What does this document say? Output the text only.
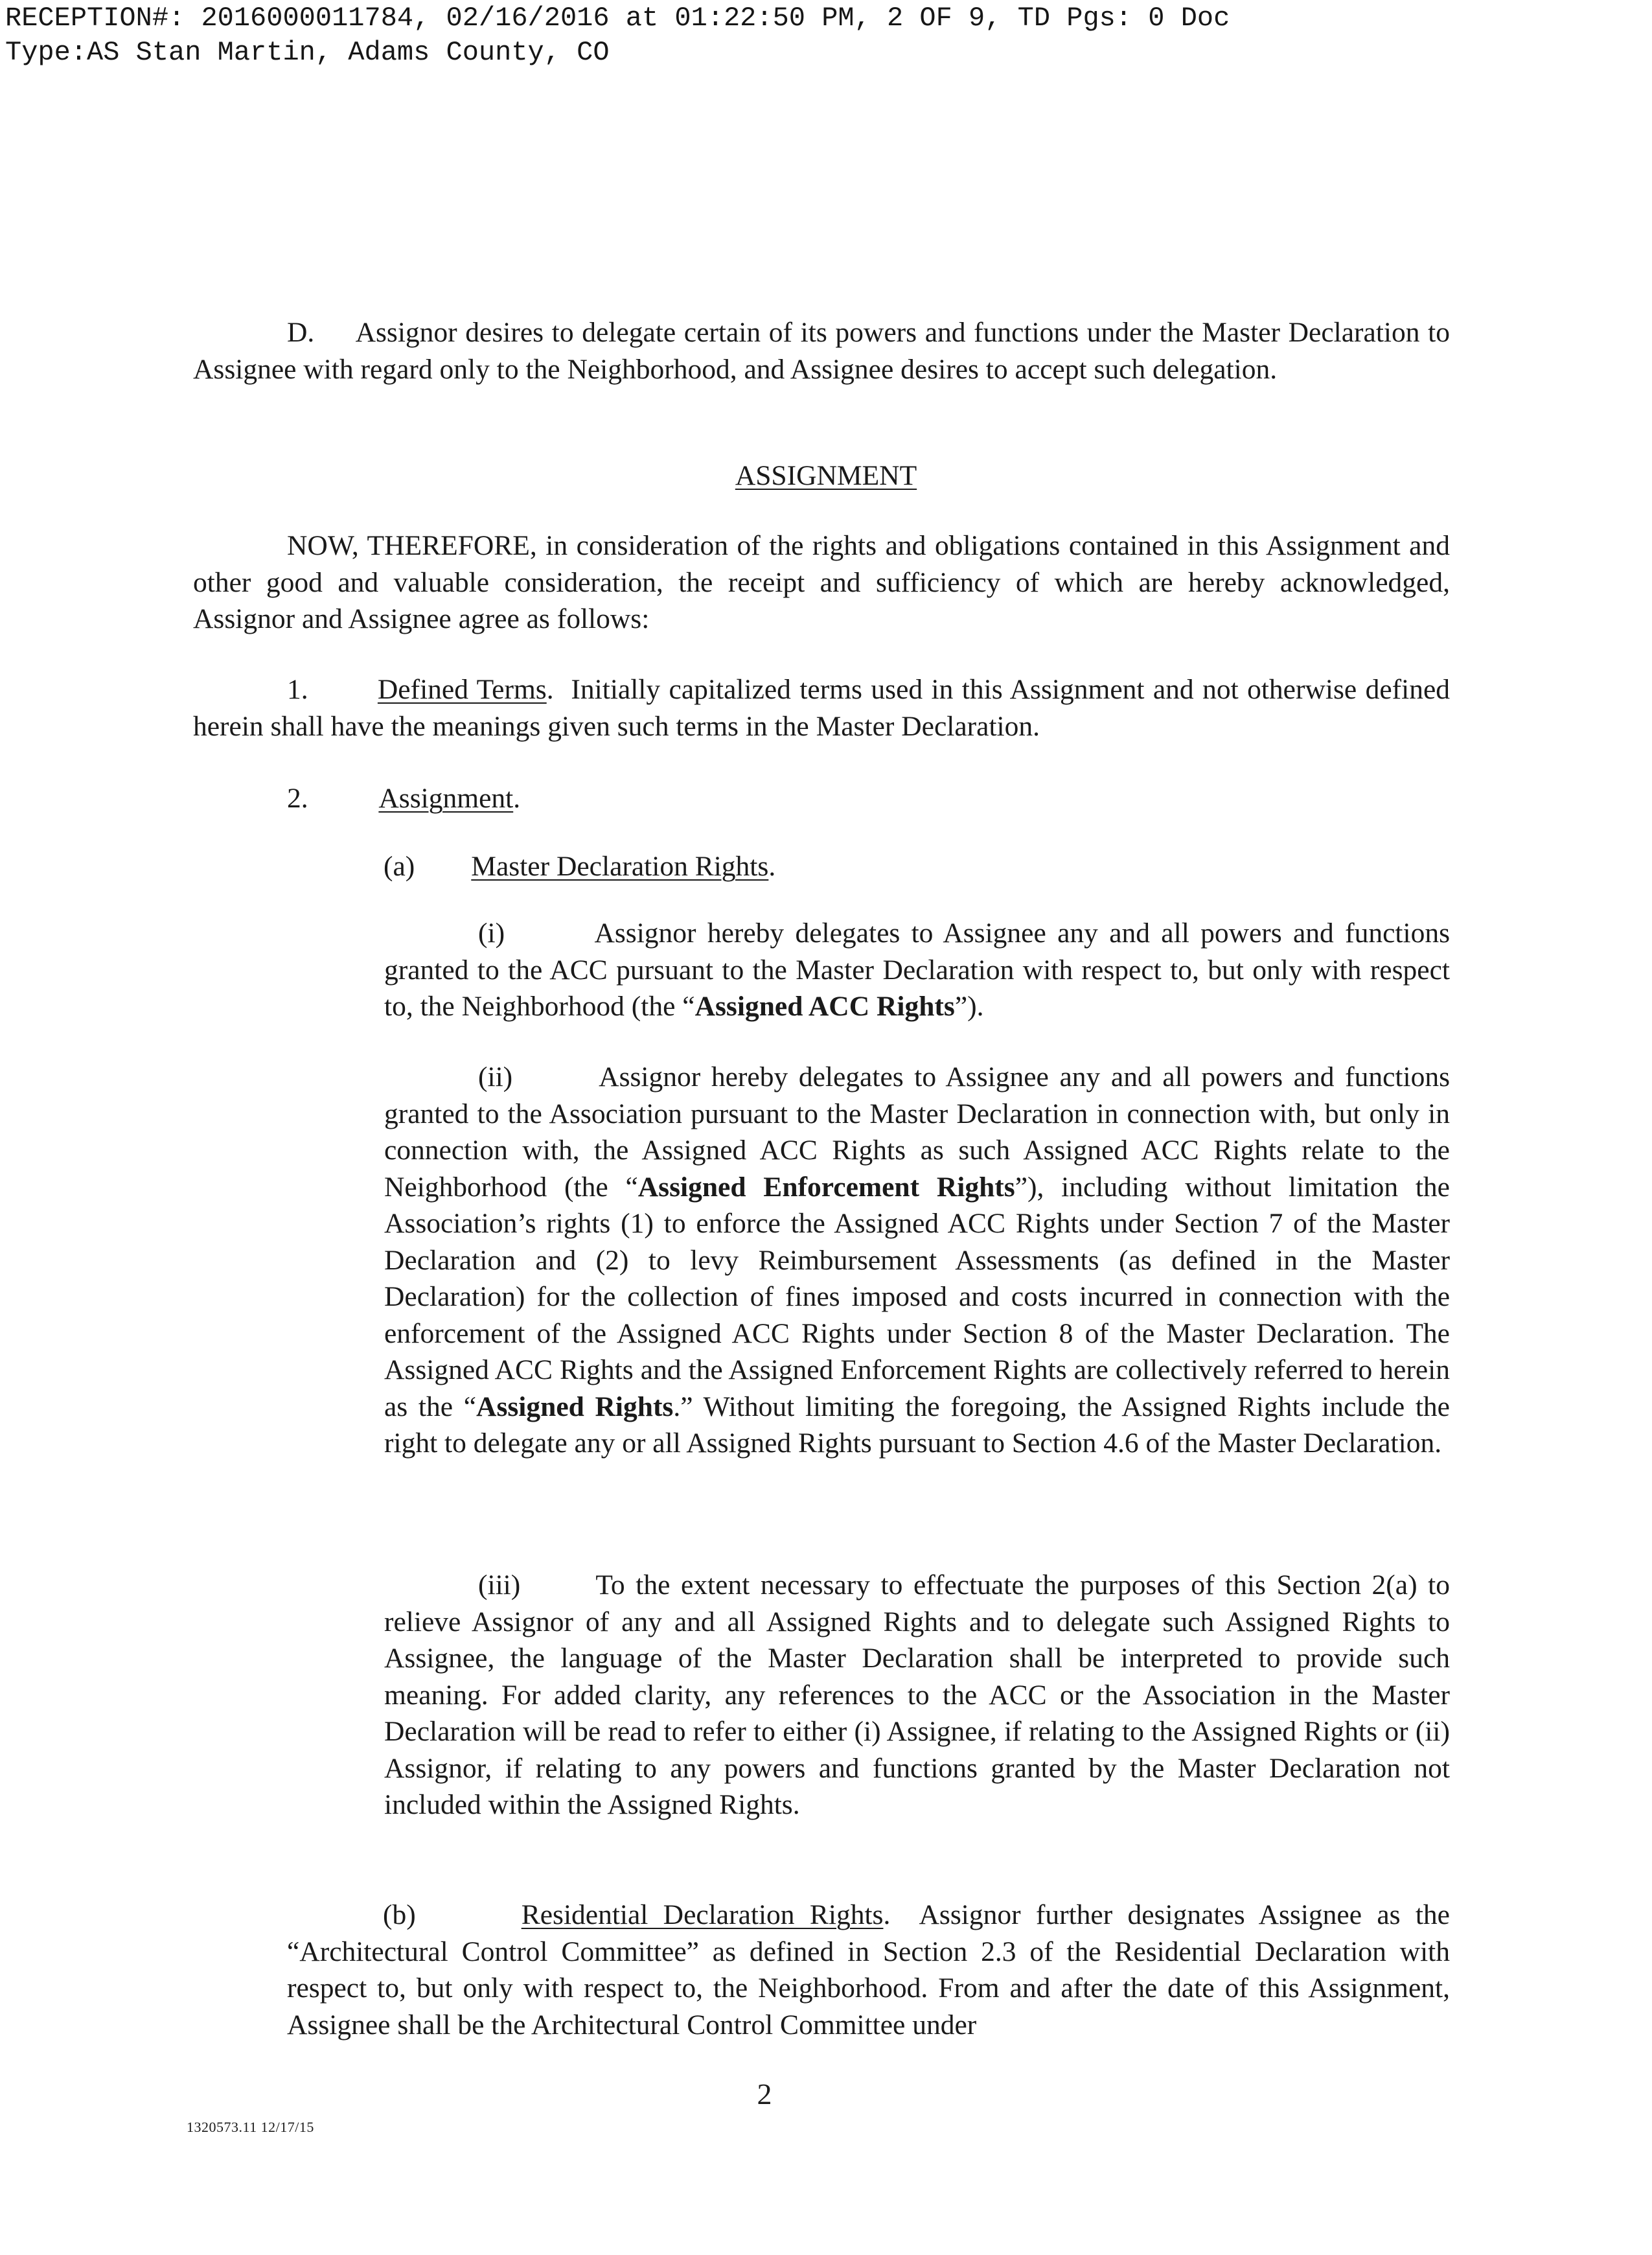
RECEPTION#: 2016000011784, 02/16/2016 at 01:22:50 PM, 2 OF 9, TD Pgs: 0 Doc
Type:AS Stan Martin, Adams County, CO

D. Assignor desires to delegate certain of its powers and functions under the Master Declaration to Assignee with regard only to the Neighborhood, and Assignee desires to accept such delegation.

ASSIGNMENT

NOW, THEREFORE, in consideration of the rights and obligations contained in this Assignment and other good and valuable consideration, the receipt and sufficiency of which are hereby acknowledged, Assignor and Assignee agree as follows:

1. Defined Terms.  Initially capitalized terms used in this Assignment and not otherwise defined herein shall have the meanings given such terms in the Master Declaration.

2.	Assignment.

(a) Master Declaration Rights.

(i)	Assignor hereby delegates to Assignee any and all powers and functions granted to the ACC pursuant to the Master Declaration with respect to, but only with respect to, the Neighborhood (the “Assigned ACC Rights”).

(ii)	Assignor hereby delegates to Assignee any and all powers and functions granted to the Association pursuant to the Master Declaration in connection with, but only in connection with, the Assigned ACC Rights as such Assigned ACC Rights relate to the Neighborhood (the “Assigned Enforcement Rights”), including without limitation the Association’s rights (1) to enforce the Assigned ACC Rights under Section 7 of the Master Declaration and (2) to levy Reimbursement Assessments (as defined in the Master Declaration) for the collection of fines imposed and costs incurred in connection with the enforcement of the Assigned ACC Rights under Section 8 of the Master Declaration. The Assigned ACC Rights and the Assigned Enforcement Rights are collectively referred to herein as the “Assigned Rights.” Without limiting the foregoing, the Assigned Rights include the right to delegate any or all Assigned Rights pursuant to Section 4.6 of the Master Declaration.

(iii)	To the extent necessary to effectuate the purposes of this Section 2(a) to relieve Assignor of any and all Assigned Rights and to delegate such Assigned Rights to Assignee, the language of the Master Declaration shall be interpreted to provide such meaning. For added clarity, any references to the ACC or the Association in the Master Declaration will be read to refer to either (i) Assignee, if relating to the Assigned Rights or (ii) Assignor, if relating to any powers and functions granted by the Master Declaration not included within the Assigned Rights.

(b)	Residential Declaration Rights.  Assignor further designates Assignee as the “Architectural Control Committee” as defined in Section 2.3 of the Residential Declaration with respect to, but only with respect to, the Neighborhood. From and after the date of this Assignment, Assignee shall be the Architectural Control Committee under

2
1320573.11 12/17/15
